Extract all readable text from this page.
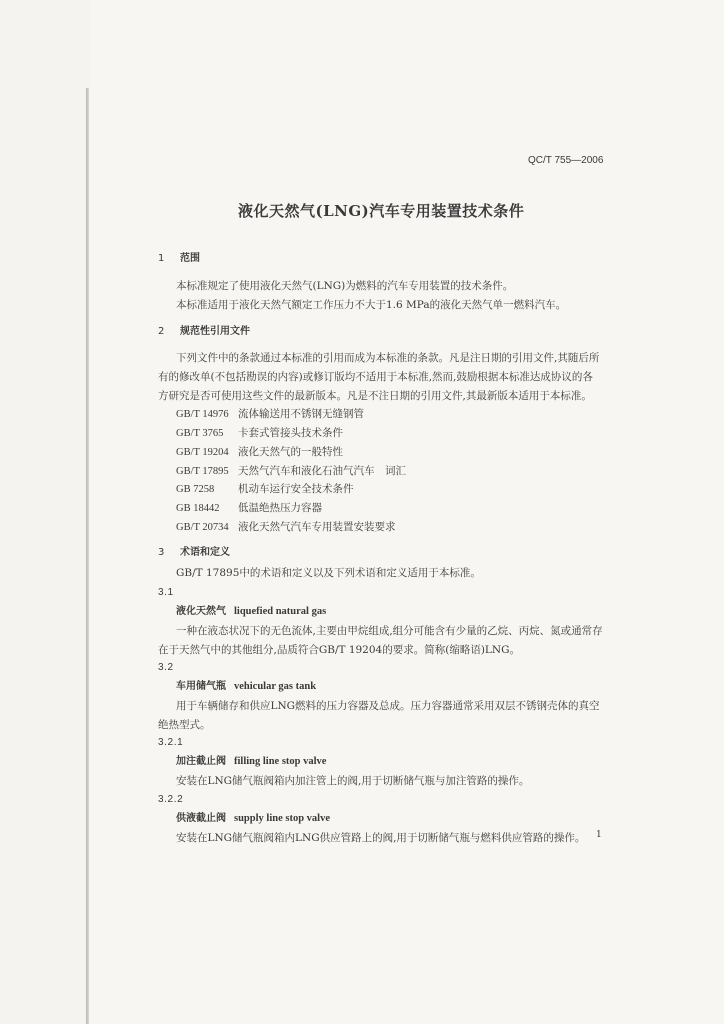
QC/T 755—2006
液化天然气(LNG)汽车专用装置技术条件
1 范围
本标准规定了使用液化天然气(LNG)为燃料的汽车专用装置的技术条件。
本标准适用于液化天然气额定工作压力不大于1.6 MPa的液化天然气单一燃料汽车。
2 规范性引用文件
下列文件中的条款通过本标准的引用而成为本标准的条款。凡是注日期的引用文件,其随后所
有的修改单(不包括勘误的内容)或修订版均不适用于本标准,然而,鼓励根据本标准达成协议的各
方研究是否可使用这些文件的最新版本。凡是不注日期的引用文件,其最新版本适用于本标准。
GB/T 14976 流体输送用不锈钢无缝钢管
GB/T 3765 卡套式管接头技术条件
GB/T 19204 液化天然气的一般特性
GB/T 17895 天然气汽车和液化石油气汽车　词汇
GB 7258 机动车运行安全技术条件
GB 18442 低温绝热压力容器
GB/T 20734 液化天然气汽车专用装置安装要求
3 术语和定义
GB/T 17895中的术语和定义以及下列术语和定义适用于本标准。
3.1
液化天然气 liquefied natural gas
一种在液态状况下的无色流体,主要由甲烷组成,组分可能含有少量的乙烷、丙烷、氮或通常存
在于天然气中的其他组分,品质符合GB/T 19204的要求。简称(缩略语)LNG。
3.2
车用储气瓶 vehicular gas tank
用于车辆储存和供应LNG燃料的压力容器及总成。压力容器通常采用双层不锈钢壳体的真空
绝热型式。
3.2.1
加注截止阀 filling line stop valve
安装在LNG储气瓶阀箱内加注管上的阀,用于切断储气瓶与加注管路的操作。
3.2.2
供液截止阀 supply line stop valve
安装在LNG储气瓶阀箱内LNG供应管路上的阀,用于切断储气瓶与燃料供应管路的操作。 1
